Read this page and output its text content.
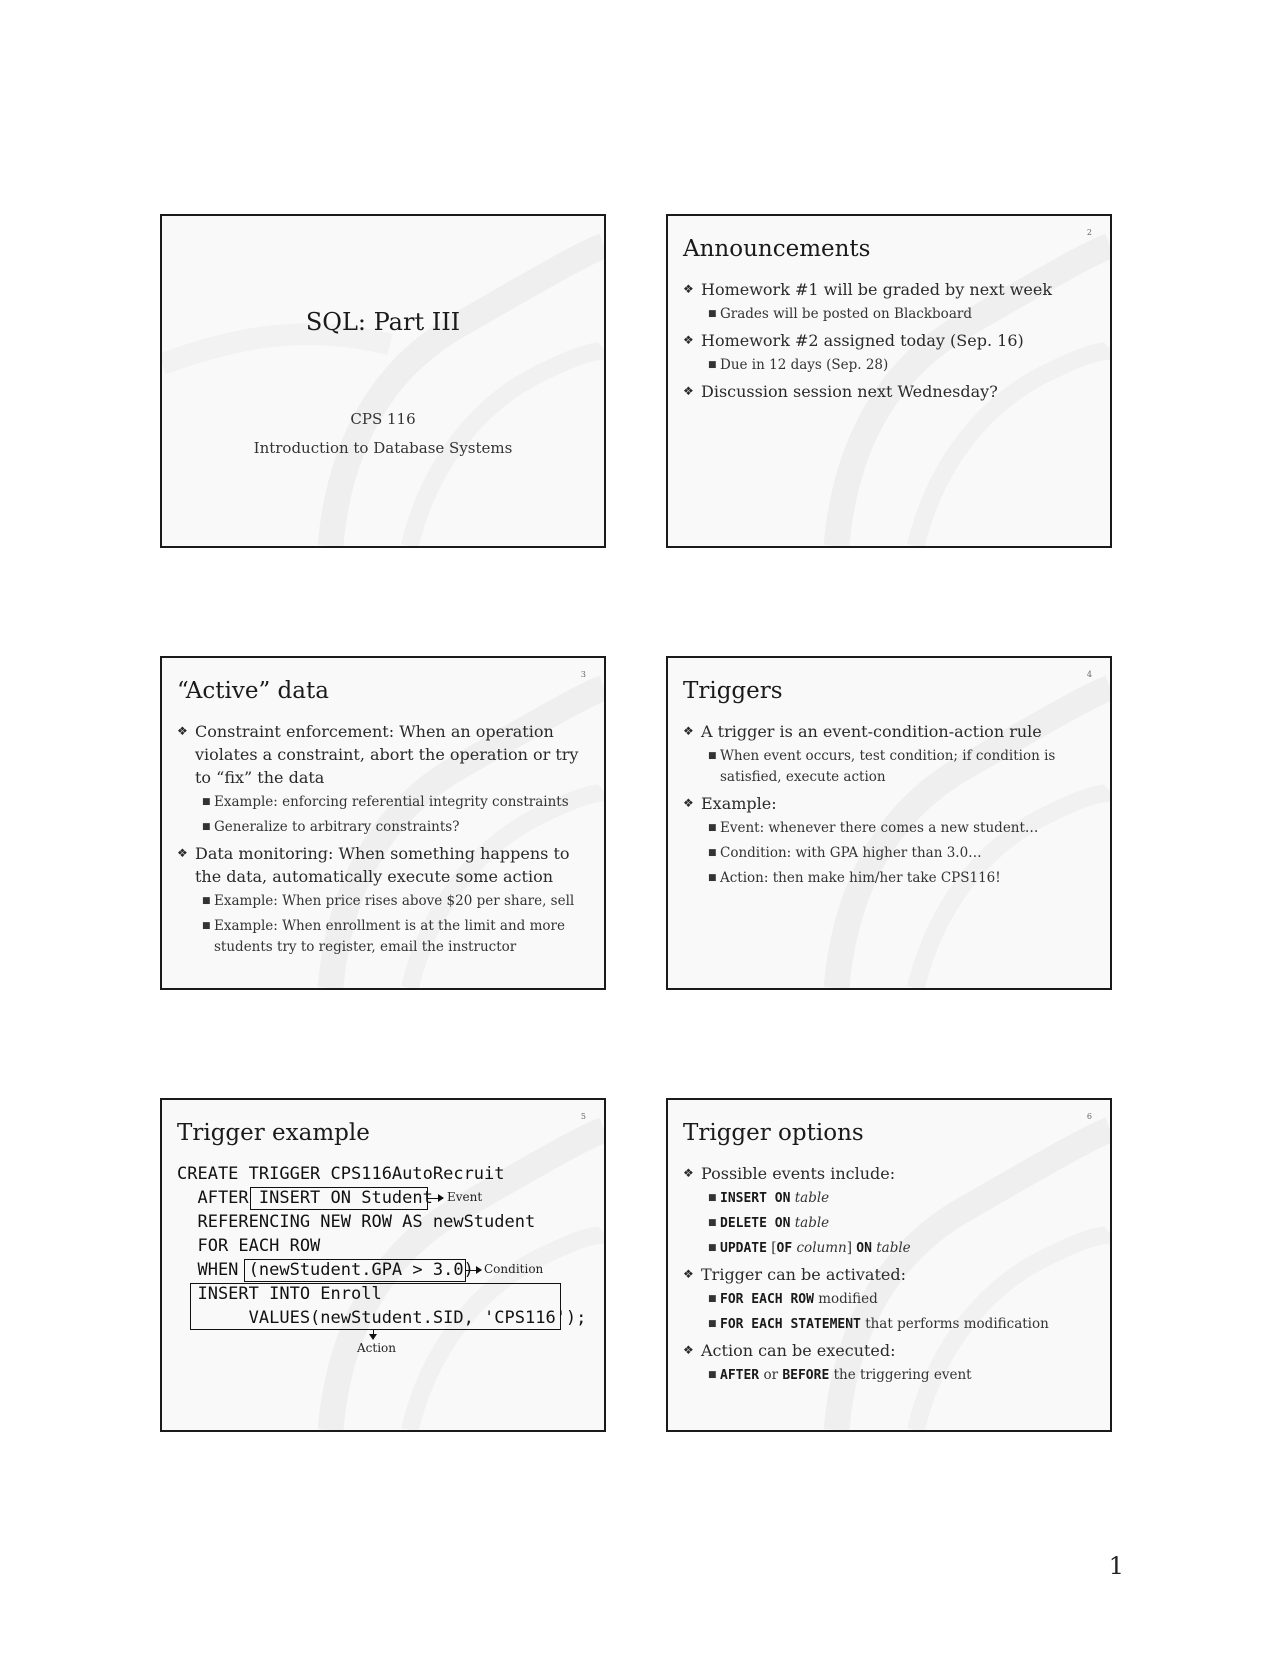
SQL: Part III
CPS 116
Introduction to Database Systems
2
Announcements
❖ Homework #1 will be graded by next week
■ Grades will be posted on Blackboard
❖ Homework #2 assigned today (Sep. 16)
■ Due in 12 days (Sep. 28)
❖ Discussion session next Wednesday?
3
“Active” data
❖ Constraint enforcement: When an operation violates a constraint, abort the operation or try to “fix” the data
■ Example: enforcing referential integrity constraints
■ Generalize to arbitrary constraints?
❖ Data monitoring: When something happens to the data, automatically execute some action
■ Example: When price rises above $20 per share, sell
■ Example: When enrollment is at the limit and more students try to register, email the instructor
4
Triggers
❖ A trigger is an event-condition-action rule
■ When event occurs, test condition; if condition is satisfied, execute action
❖ Example:
■ Event: whenever there comes a new student…
■ Condition: with GPA higher than 3.0…
■ Action: then make him/her take CPS116!
5
Trigger example
CREATE TRIGGER CPS116AutoRecruit
AFTER INSERT ON Student
REFERENCING NEW ROW AS newStudent
FOR EACH ROW
WHEN (newStudent.GPA > 3.0)
INSERT INTO Enroll
VALUES(newStudent.SID, 'CPS116');
Event
Condition
Action
6
Trigger options
❖ Possible events include:
■ INSERT ON table
■ DELETE ON table
■ UPDATE [OF column] ON table
❖ Trigger can be activated:
■ FOR EACH ROW modified
■ FOR EACH STATEMENT that performs modification
❖ Action can be executed:
■ AFTER or BEFORE the triggering event
1
